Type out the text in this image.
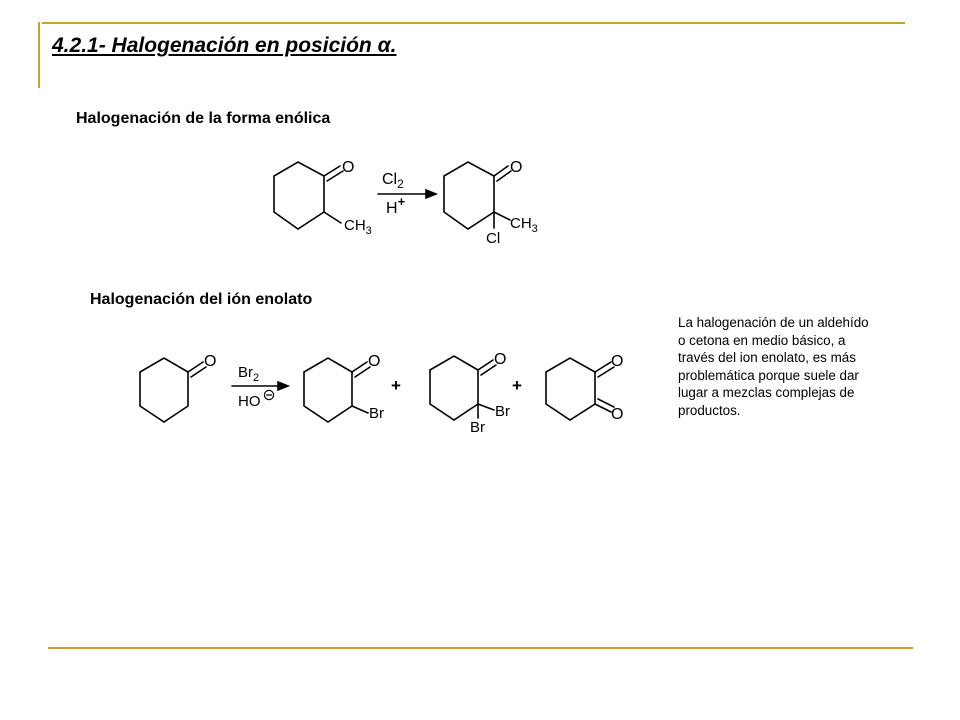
4.2.1- Halogenación en posición α.
Halogenación de la forma enólica
Halogenación del ión enolato
La halogenación de un aldehído o cetona en medio básico, a través del ion enolato, es más problemática porque suele dar lugar a mezclas complejas de productos.
O
$CH_3$
$Cl_2$
H+
O
$CH_3$
Cl
O
$Br_2$
HO
O
Br
+
O
Br
Br
+
O
O
